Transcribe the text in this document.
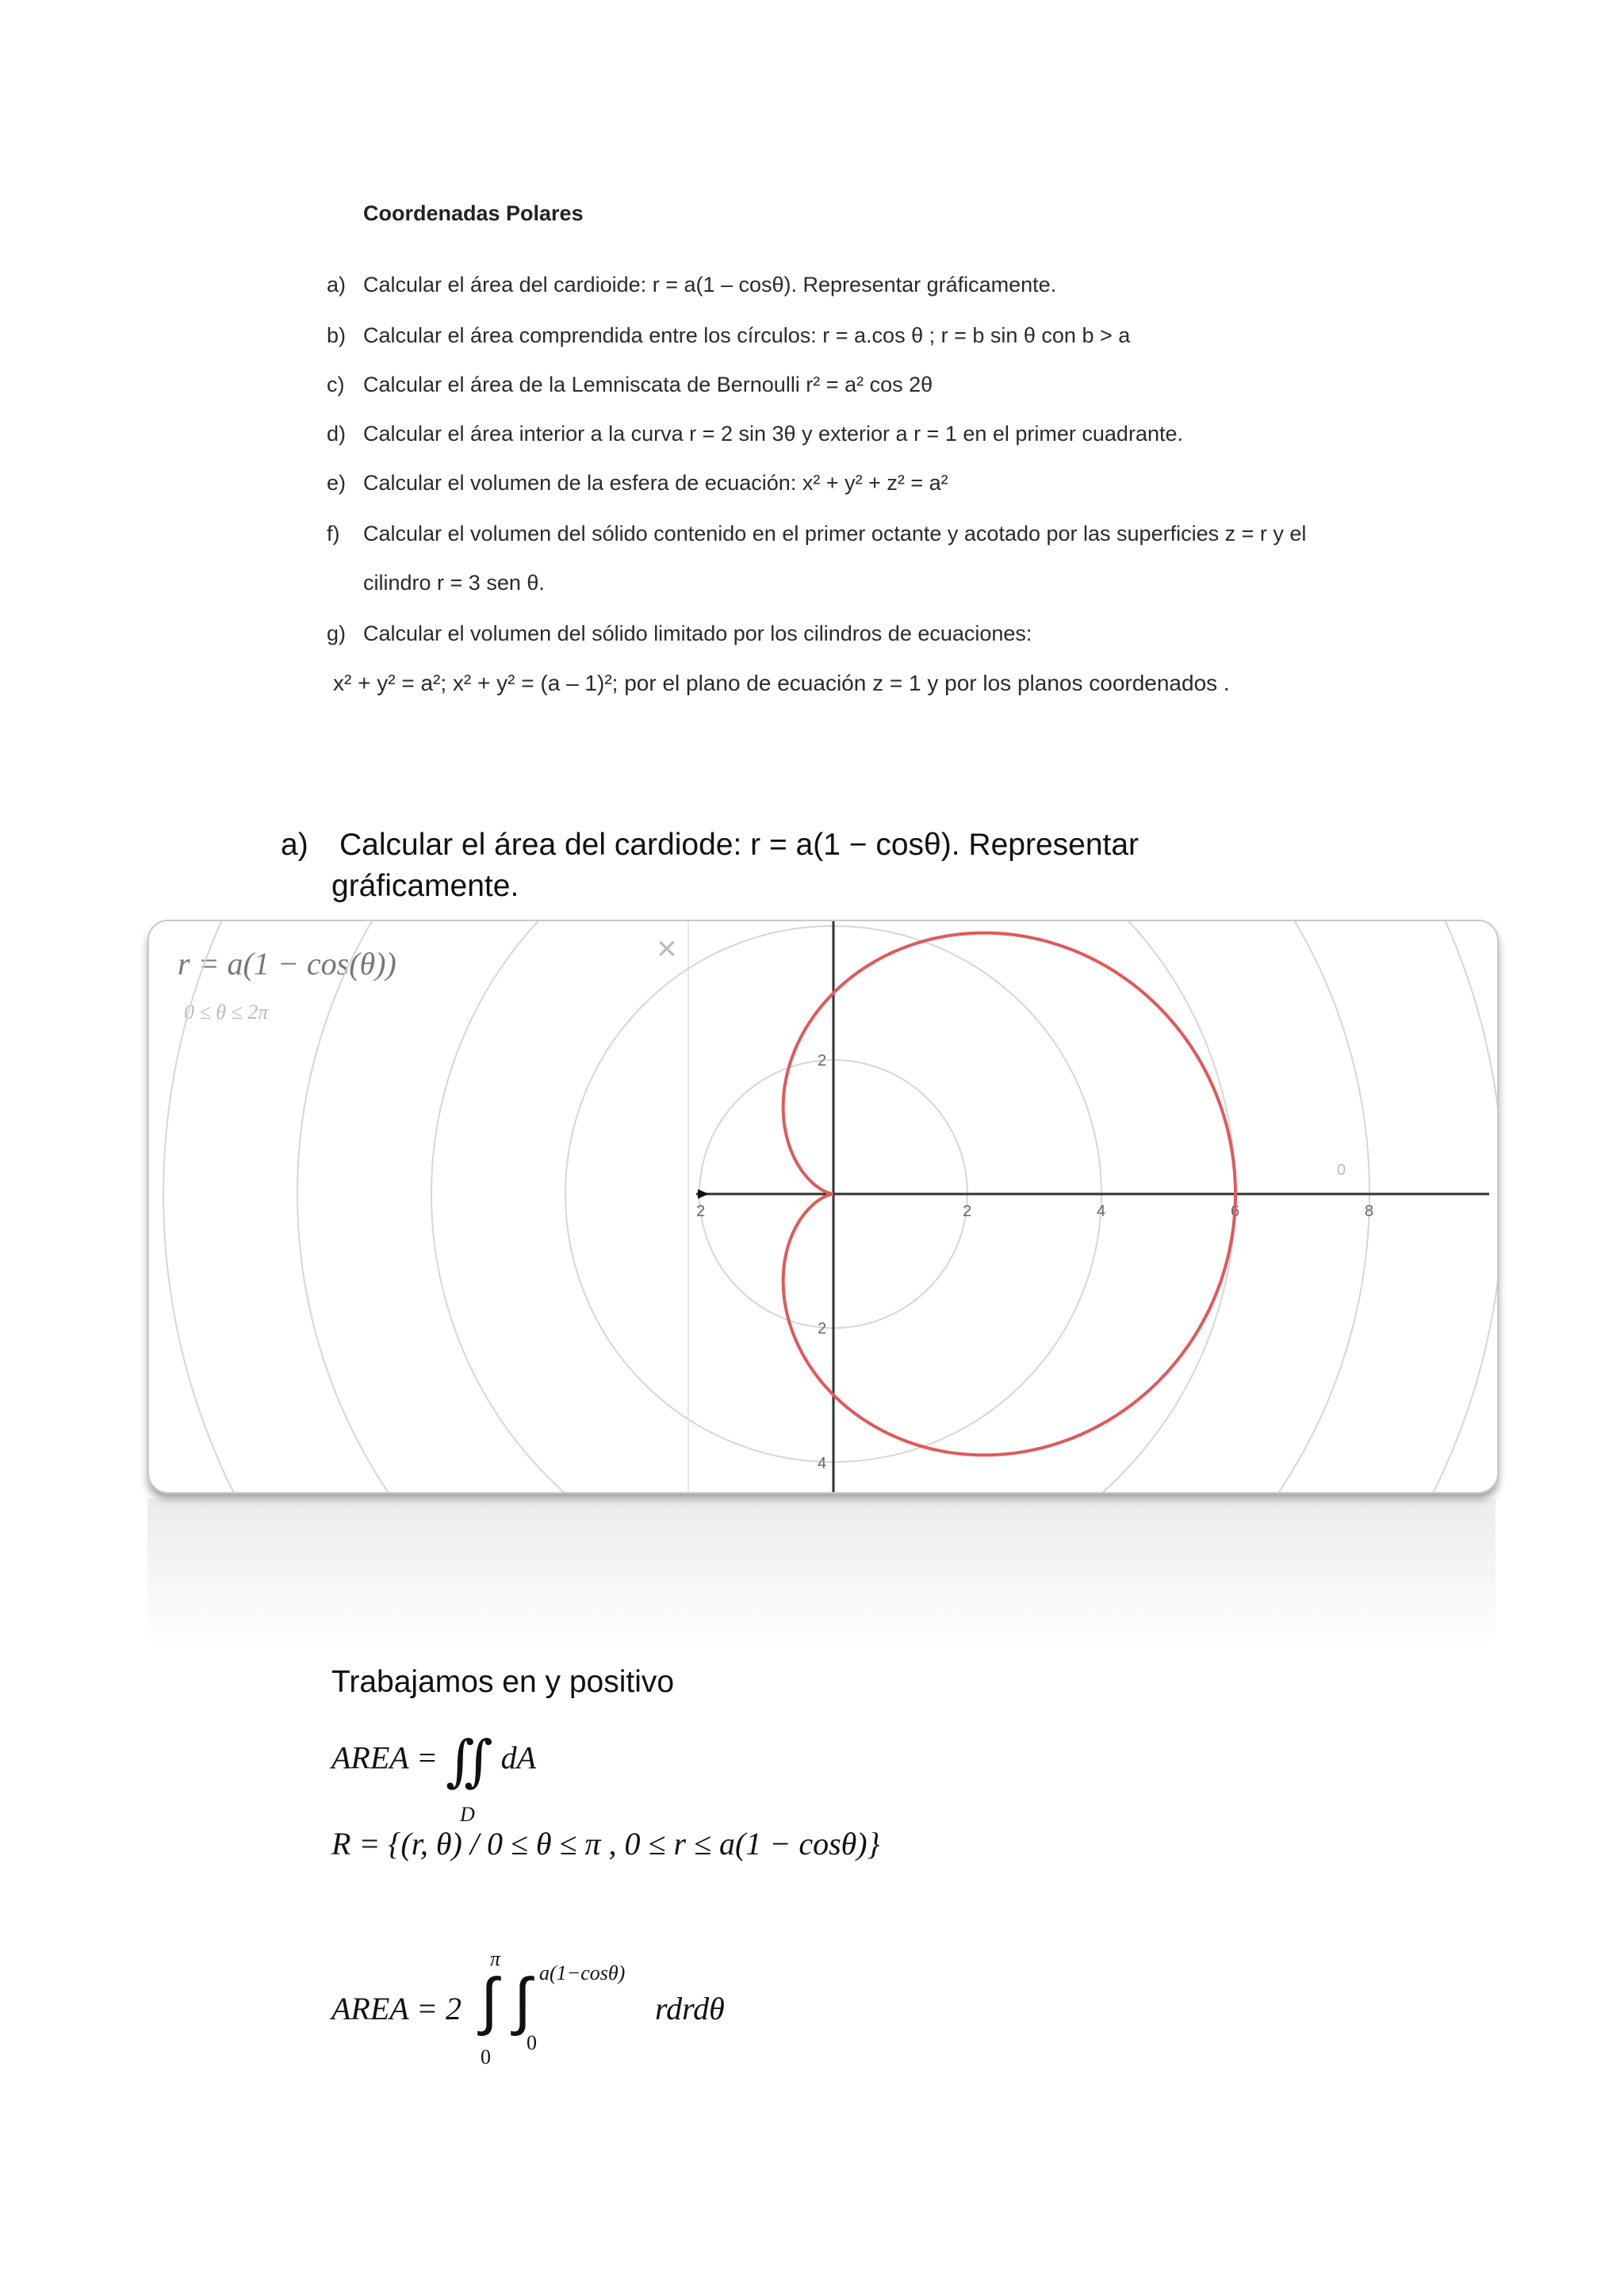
Coordenadas Polares
a) Calcular el área del cardioide: r = a(1 – cosθ). Representar gráficamente.
b) Calcular el área comprendida entre los círculos: r = a.cos θ ; r = b sin θ con b > a
c) Calcular el área de la Lemniscata de Bernoulli r² = a² cos 2θ
d) Calcular el área interior a la curva r = 2 sin 3θ y exterior a r = 1 en el primer cuadrante.
e) Calcular el volumen de la esfera de ecuación: x² + y² + z² = a²
f) Calcular el volumen del sólido contenido en el primer octante y acotado por las superficies z = r y el
cilindro r = 3 sen θ.
g) Calcular el volumen del sólido limitado por los cilindros de ecuaciones:
x² + y² = a²; x² + y² = (a – 1)²; por el plano de ecuación z = 1 y por los planos coordenados .
a) Calcular el área del cardiode: r = a(1 − cosθ). Representar
gráficamente.
r = a(1 − cos(θ))
0 ≤ θ ≤ 2π
×
2	2	4	6	8
2
2
4
0
Trabajamos en y positivo
AREA = ∬ dA
D
R = {(r, θ) / 0 ≤ θ ≤ π , 0 ≤ r ≤ a(1 − cosθ)}
AREA = 2
π
∫
0
∫ a(1−cosθ)
0
rdrdθ
